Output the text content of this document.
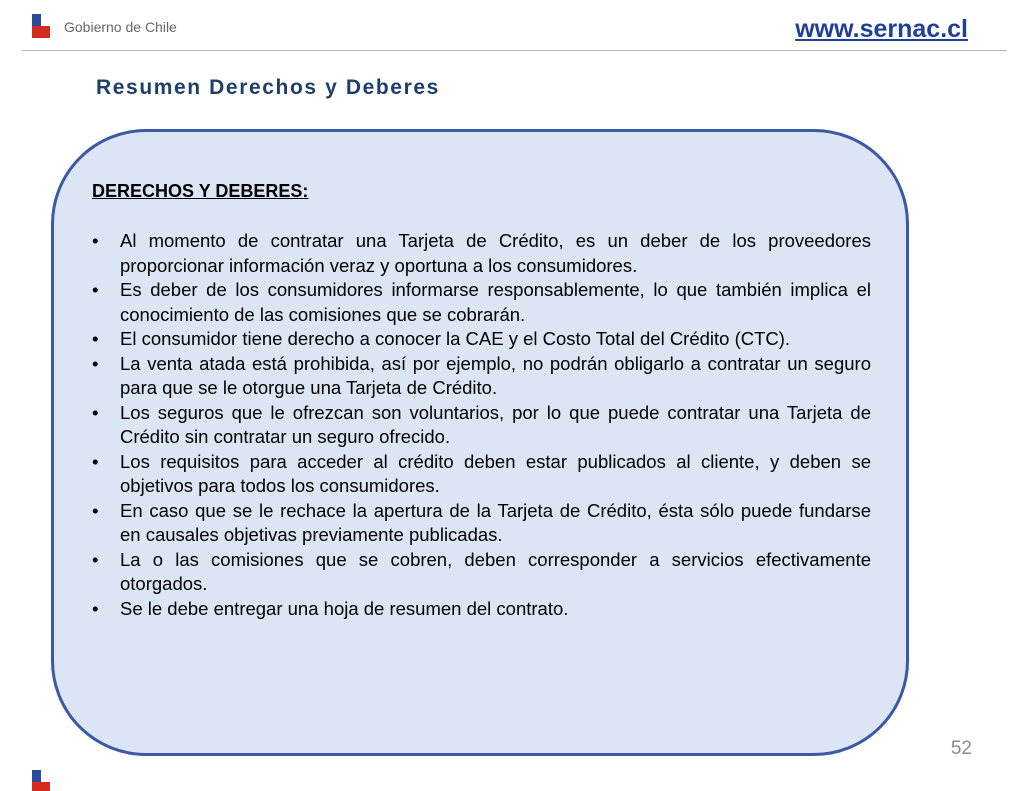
Gobierno de Chile	www.sernac.cl
Resumen Derechos y Deberes
DERECHOS Y DEBERES:
• Al momento de contratar una Tarjeta de Crédito, es un deber de los proveedores proporcionar información veraz y oportuna a los consumidores.
• Es deber de los consumidores informarse responsablemente, lo que también implica el conocimiento de las comisiones que se cobrarán.
• El consumidor tiene derecho a conocer la CAE y el Costo Total del Crédito (CTC).
• La venta atada está prohibida, así por ejemplo, no podrán obligarlo a contratar un seguro para que se le otorgue una Tarjeta de Crédito.
• Los seguros que le ofrezcan son voluntarios, por lo que puede contratar una Tarjeta de Crédito sin contratar un seguro ofrecido.
• Los requisitos para acceder al crédito deben estar publicados al cliente, y deben se objetivos para todos los consumidores.
• En caso que se le rechace la apertura de la Tarjeta de Crédito, ésta sólo puede fundarse en causales objetivas previamente publicadas.
• La o las comisiones que se cobren, deben corresponder a servicios efectivamente otorgados.
• Se le debe entregar una hoja de resumen del contrato.
52
